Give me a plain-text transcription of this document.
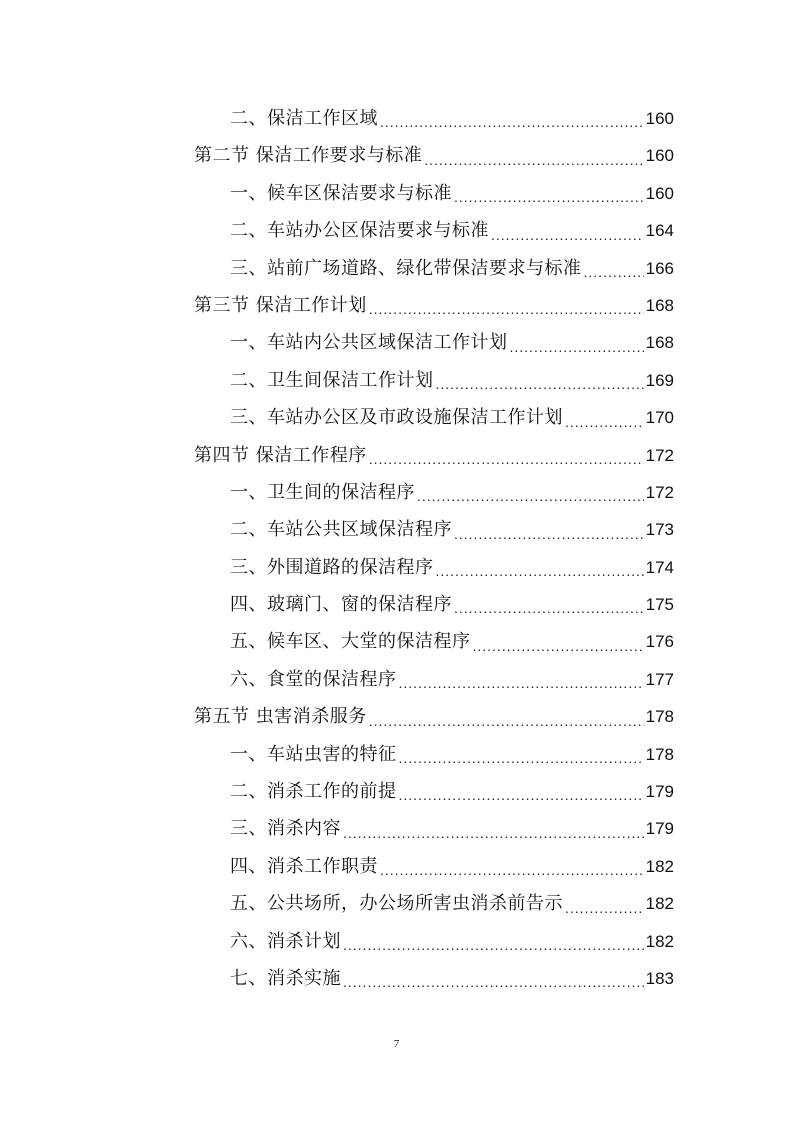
二、保洁工作区域 .....	160
第二节 保洁工作要求与标准 .....	160
一、候车区保洁要求与标准 .....	160
二、车站办公区保洁要求与标准 .....	164
三、站前广场道路、绿化带保洁要求与标准 .....	166
第三节 保洁工作计划 .....	168
一、车站内公共区域保洁工作计划 .....	168
二、卫生间保洁工作计划 .....	169
三、车站办公区及市政设施保洁工作计划 .....	170
第四节 保洁工作程序 .....	172
一、卫生间的保洁程序 .....	172
二、车站公共区域保洁程序 .....	173
三、外围道路的保洁程序 .....	174
四、玻璃门、窗的保洁程序 .....	175
五、候车区、大堂的保洁程序 .....	176
六、食堂的保洁程序 .....	177
第五节 虫害消杀服务 .....	178
一、车站虫害的特征 .....	178
二、消杀工作的前提 .....	179
三、消杀内容 .....	179
四、消杀工作职责 .....	182
五、公共场所，办公场所害虫消杀前告示 .....	182
六、消杀计划 .....	182
七、消杀实施 .....	183
7
